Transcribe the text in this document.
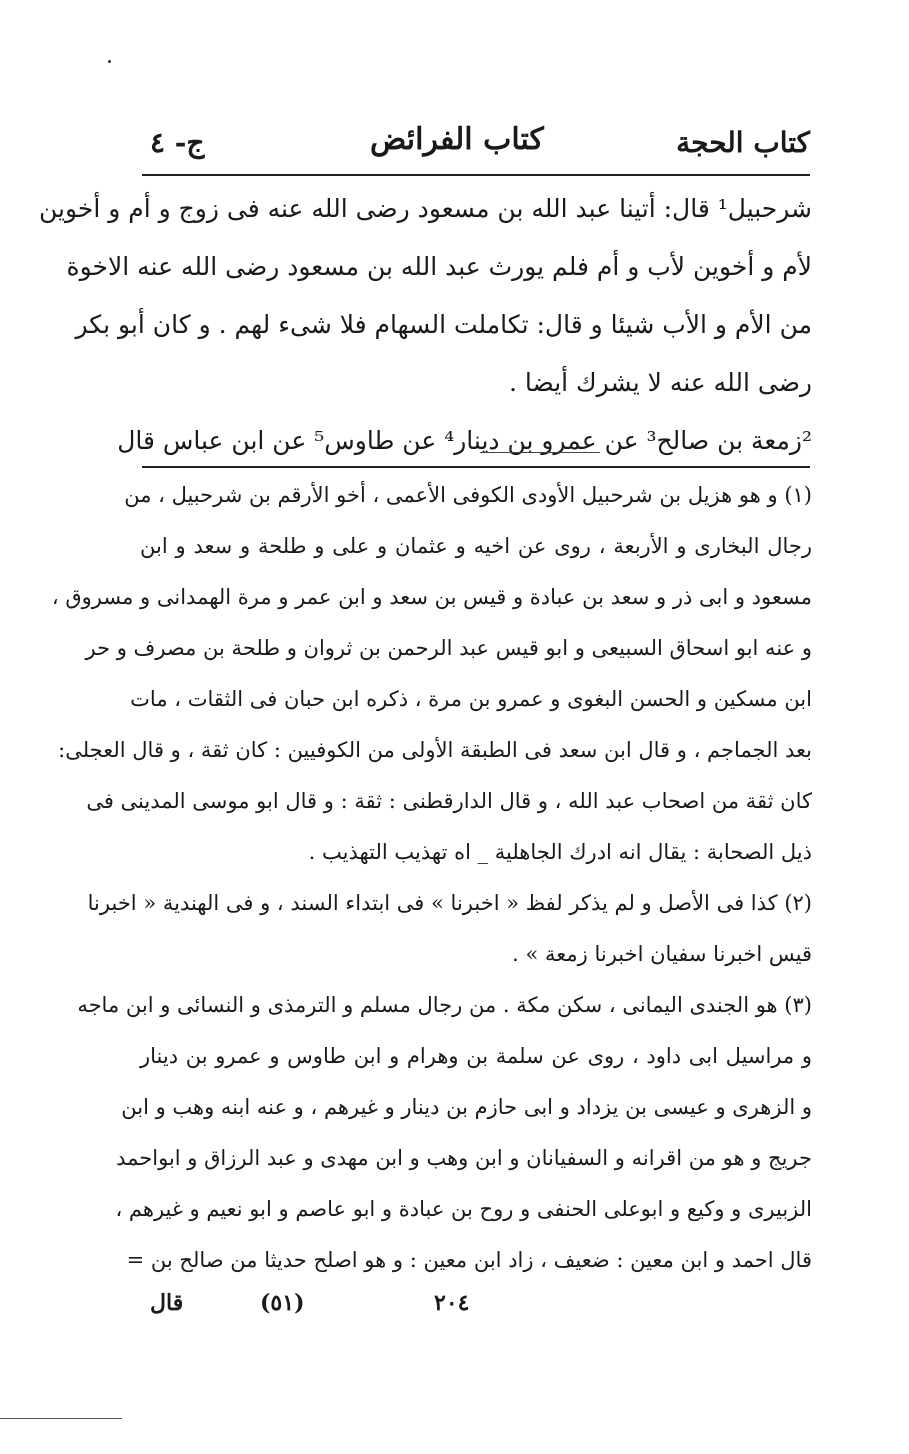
كتاب الحجة
كتاب الفرائض
ج- ٤
شرحبيل¹ قال: أتينا عبد الله بن مسعود رضى الله عنه فى زوج و أم و أخوين
لأم و أخوين لأب و أم فلم يورث عبد الله بن مسعود رضى الله عنه الاخوة
من الأم و الأب شيئا و قال: تكاملت السهام فلا شىء لهم . و كان أبو بكر
رضى الله عنه لا يشرك أيضا .
²زمعة بن صالح³ عن عمرو بن دينار⁴ عن طاوس⁵ عن ابن عباس قال
(١) و هو هزيل بن شرحبيل الأودى الكوفى الأعمى ، أخو الأرقم بن شرحبيل ، من
رجال البخارى و الأربعة ، روى عن اخيه و عثمان و على و طلحة و سعد و ابن
مسعود و ابى ذر و سعد بن عبادة و قيس بن سعد و ابن عمر و مرة الهمدانى و مسروق ،
و عنه ابو اسحاق السبيعى و ابو قيس عبد الرحمن بن ثروان و طلحة بن مصرف و حر
ابن مسكين و الحسن البغوى و عمرو بن مرة ، ذكره ابن حبان فى الثقات ، مات
بعد الجماجم ، و قال ابن سعد فى الطبقة الأولى من الكوفيين : كان ثقة ، و قال العجلى:
كان ثقة من اصحاب عبد الله ، و قال الدارقطنى : ثقة : و قال ابو موسى المدينى فى
ذيل الصحابة : يقال انه ادرك الجاهلية _ اه تهذيب التهذيب .
(٢) كذا فى الأصل و لم يذكر لفظ « اخبرنا » فى ابتداء السند ، و فى الهندية « اخبرنا
قيس اخبرنا سفيان اخبرنا زمعة » .
(٣) هو الجندى اليمانى ، سكن مكة . من رجال مسلم و الترمذى و النسائى و ابن ماجه
و مراسيل ابى داود ، روى عن سلمة بن وهرام و ابن طاوس و عمرو بن دينار
و الزهرى و عيسى بن يزداد و ابى حازم بن دينار و غيرهم ، و عنه ابنه وهب و ابن
جريج و هو من اقرانه و السفيانان و ابن وهب و ابن مهدى و عبد الرزاق و ابواحمد
الزبيرى و وكيع و ابوعلى الحنفى و روح بن عبادة و ابو عاصم و ابو نعيم و غيرهم ،
قال احمد و ابن معين : ضعيف ، زاد ابن معين : و هو اصلح حديثا من صالح بن =
٢٠٤
(٥١)
قال
